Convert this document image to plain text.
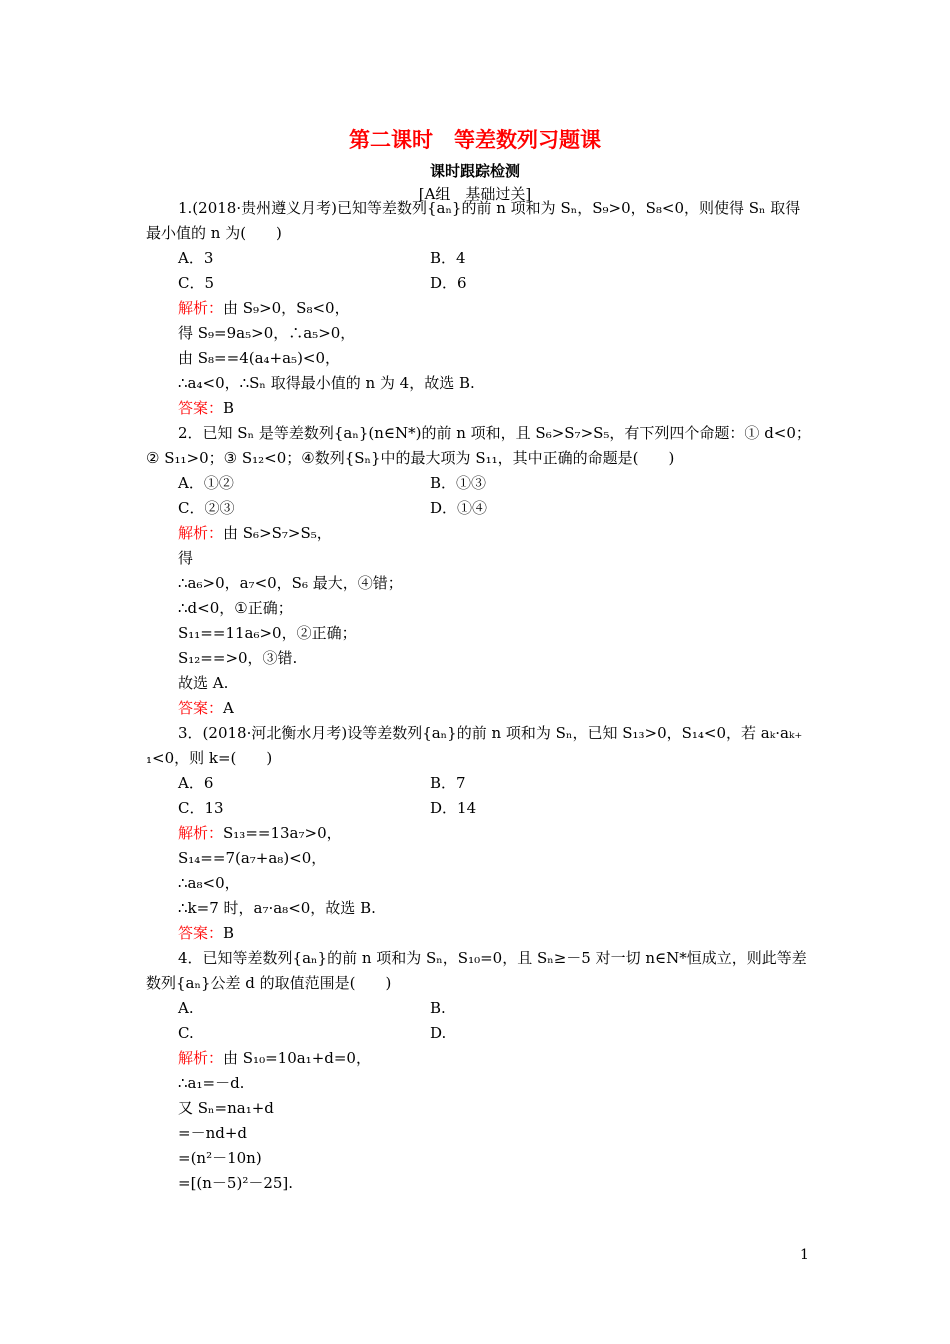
第二课时　等差数列习题课
课时跟踪检测
[A组　基础过关]
1.(2018·贵州遵义月考)已知等差数列{aₙ}的前 n 项和为 Sₙ，S₉>0，S₈<0，则使得 Sₙ 取得
最小值的 n 为(　　)
A．3	B．4
C．5	D．6
解析：由 S₉>0，S₈<0，
得 S₉=9a₅>0，∴a₅>0，
由 S₈==4(a₄+a₅)<0，
∴a₄<0，∴Sₙ 取得最小值的 n 为 4，故选 B.
答案：B
2．已知 Sₙ 是等差数列{aₙ}(n∈N*)的前 n 项和，且 S₆>S₇>S₅，有下列四个命题：① d<0；
② S₁₁>0；③ S₁₂<0；④数列{Sₙ}中的最大项为 S₁₁，其中正确的命题是(　　)
A．①②	B．①③
C．②③	D．①④
解析：由 S₆>S₇>S₅，
得
∴a₆>0，a₇<0，S₆ 最大，④错；
∴d<0，①正确；
S₁₁==11a₆>0，②正确；
S₁₂==>0，③错.
故选 A.
答案：A
3．(2018·河北衡水月考)设等差数列{aₙ}的前 n 项和为 Sₙ，已知 S₁₃>0，S₁₄<0，若 aₖ·aₖ₊
₁<0，则 k=(　　)
A．6	B．7
C．13	D．14
解析：S₁₃==13a₇>0，
S₁₄==7(a₇+a₈)<0，
∴a₈<0，
∴k=7 时，a₇·a₈<0，故选 B.
答案：B
4．已知等差数列{aₙ}的前 n 项和为 Sₙ，S₁₀=0，且 Sₙ≥－5 对一切 n∈N*恒成立，则此等差
数列{aₙ}公差 d 的取值范围是(　　)
A.	B.
C.	D.
解析：由 S₁₀=10a₁+d=0，
∴a₁=－d.
又 Sₙ=na₁+d
=－nd+d
=(n²－10n)
=[(n－5)²－25].
1
